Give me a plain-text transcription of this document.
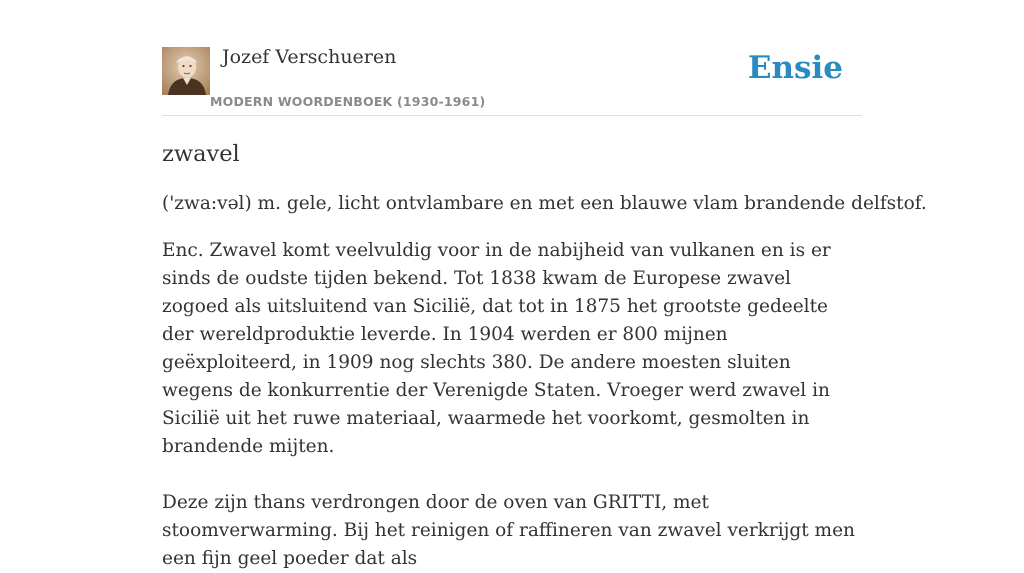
Jozef Verschueren
MODERN WOORDENBOEK (1930-1961)
Ensie
zwavel

('zwa:vəl) m. gele, licht ontvlambare en met een blauwe vlam brandende delfstof.

Enc. Zwavel komt veelvuldig voor in de nabijheid van vulkanen en is er sinds de oudste tijden bekend. Tot 1838 kwam de Europese zwavel zogoed als uitsluitend van Sicilië, dat tot in 1875 het grootste gedeelte der wereldproduktie leverde. In 1904 werden er 800 mijnen geëxploiteerd, in 1909 nog slechts 380. De andere moesten sluiten wegens de konkurrentie der Verenigde Staten. Vroeger werd zwavel in Sicilië uit het ruwe materiaal, waarmede het voorkomt, gesmolten in brandende mijten.

Deze zijn thans verdrongen door de oven van GRITTI, met stoomverwarming. Bij het reinigen of raffineren van zwavel verkrijgt men een fijn geel poeder dat als
